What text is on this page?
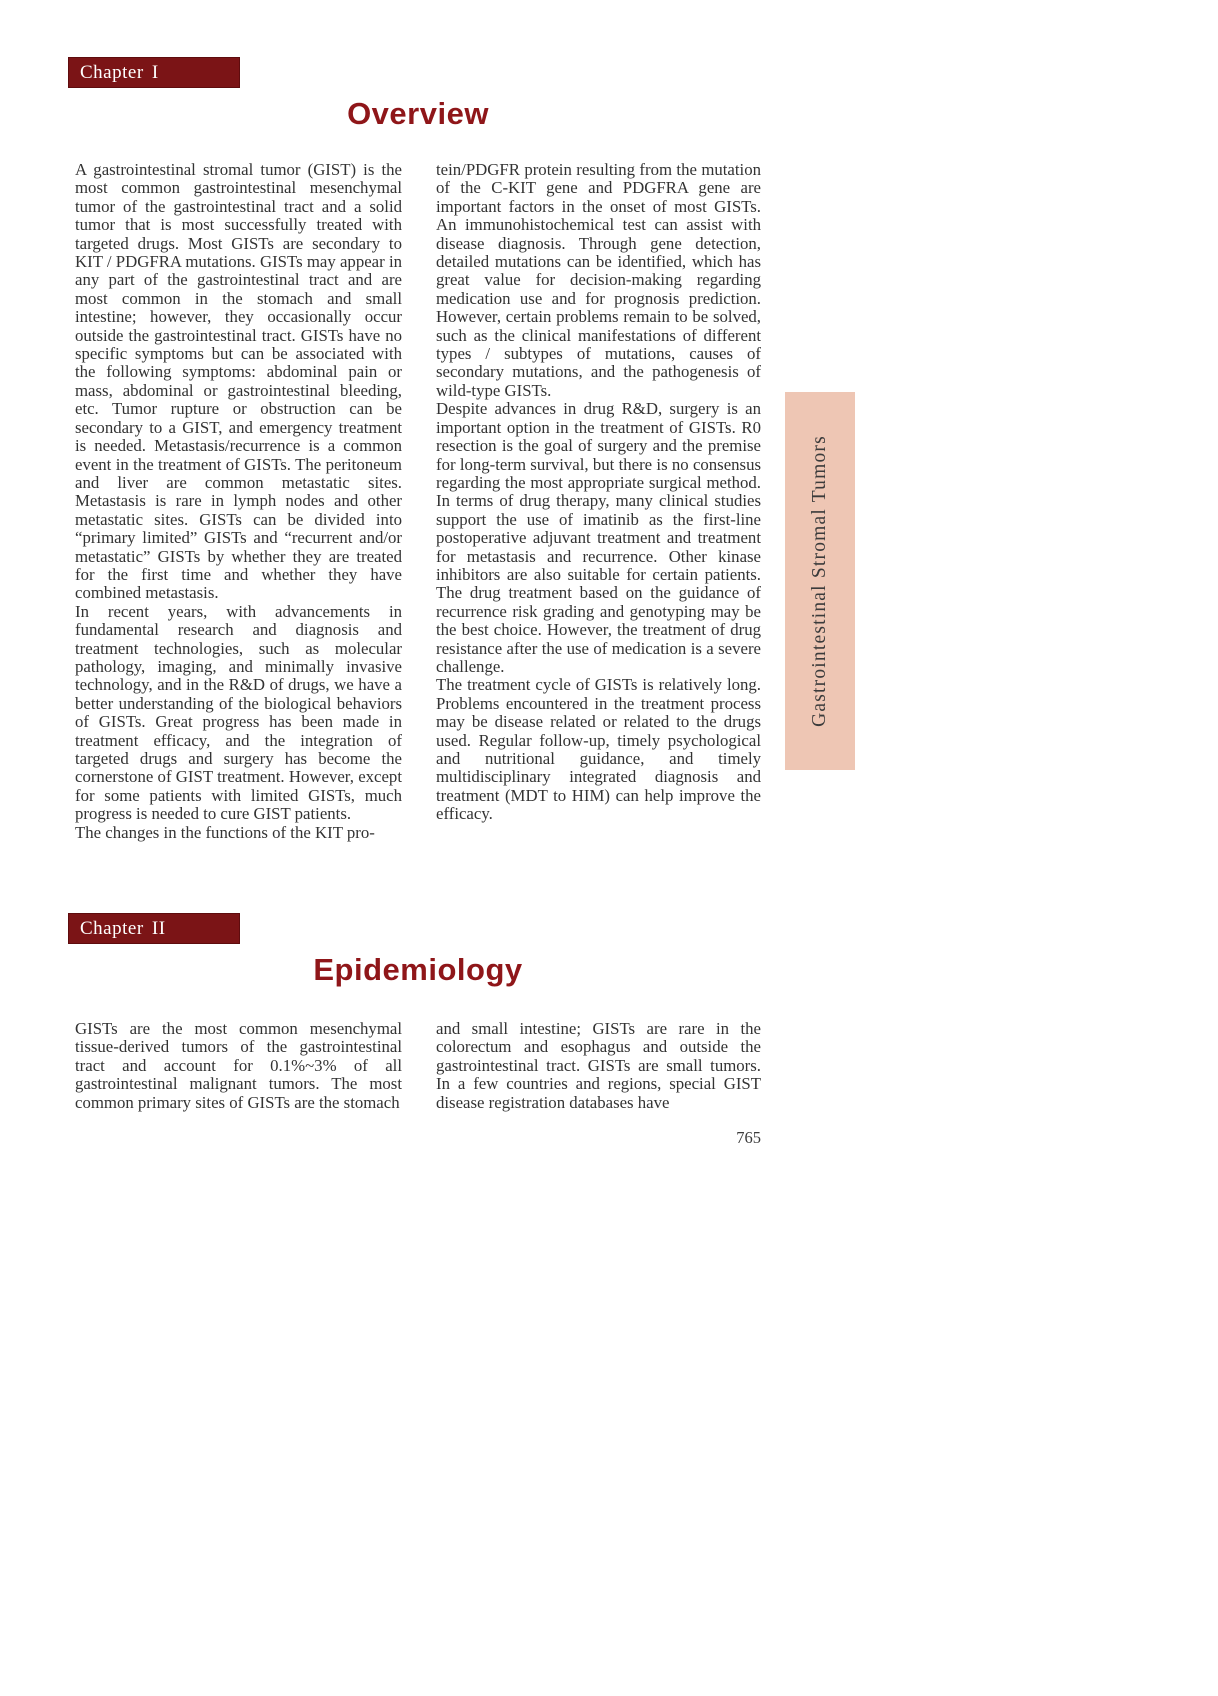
Chapter I
Overview

A gastrointestinal stromal tumor (GIST) is the most common gastrointestinal mesenchymal tumor of the gastrointestinal tract and a solid tumor that is most successfully treated with targeted drugs. Most GISTs are secondary to KIT / PDGFRA mutations. GISTs may appear in any part of the gastrointestinal tract and are most common in the stomach and small intestine; however, they occasionally occur outside the gastrointestinal tract. GISTs have no specific symptoms but can be associated with the following symptoms: abdominal pain or mass, abdominal or gastrointestinal bleeding, etc. Tumor rupture or obstruction can be secondary to a GIST, and emergency treatment is needed. Metastasis/recurrence is a common event in the treatment of GISTs. The peritoneum and liver are common metastatic sites. Metastasis is rare in lymph nodes and other metastatic sites. GISTs can be divided into “primary limited” GISTs and “recurrent and/or metastatic” GISTs by whether they are treated for the first time and whether they have combined metastasis.

In recent years, with advancements in fundamental research and diagnosis and treatment technologies, such as molecular pathology, imaging, and minimally invasive technology, and in the R&D of drugs, we have a better understanding of the biological behaviors of GISTs. Great progress has been made in treatment efficacy, and the integration of targeted drugs and surgery has become the cornerstone of GIST treatment. However, except for some patients with limited GISTs, much progress is needed to cure GIST patients.

The changes in the functions of the KIT pro-

tein/PDGFR protein resulting from the mutation of the C-KIT gene and PDGFRA gene are important factors in the onset of most GISTs. An immunohistochemical test can assist with disease diagnosis. Through gene detection, detailed mutations can be identified, which has great value for decision-making regarding medication use and for prognosis prediction. However, certain problems remain to be solved, such as the clinical manifestations of different types / subtypes of mutations, causes of secondary mutations, and the pathogenesis of wild-type GISTs.

Despite advances in drug R&D, surgery is an important option in the treatment of GISTs. R0 resection is the goal of surgery and the premise for long-term survival, but there is no consensus regarding the most appropriate surgical method. In terms of drug therapy, many clinical studies support the use of imatinib as the first-line postoperative adjuvant treatment and treatment for metastasis and recurrence. Other kinase inhibitors are also suitable for certain patients. The drug treatment based on the guidance of recurrence risk grading and genotyping may be the best choice. However, the treatment of drug resistance after the use of medication is a severe challenge.

The treatment cycle of GISTs is relatively long. Problems encountered in the treatment process may be disease related or related to the drugs used. Regular follow-up, timely psychological and nutritional guidance, and timely multidisciplinary integrated diagnosis and treatment (MDT to HIM) can help improve the efficacy.

Gastrointestinal Stromal Tumors
Chapter II
Epidemiology

GISTs are the most common mesenchymal tissue-derived tumors of the gastrointestinal tract and account for 0.1%~3% of all gastrointestinal malignant tumors. The most common primary sites of GISTs are the stomach

and small intestine; GISTs are rare in the colorectum and esophagus and outside the gastrointestinal tract. GISTs are small tumors. In a few countries and regions, special GIST disease registration databases have

765
